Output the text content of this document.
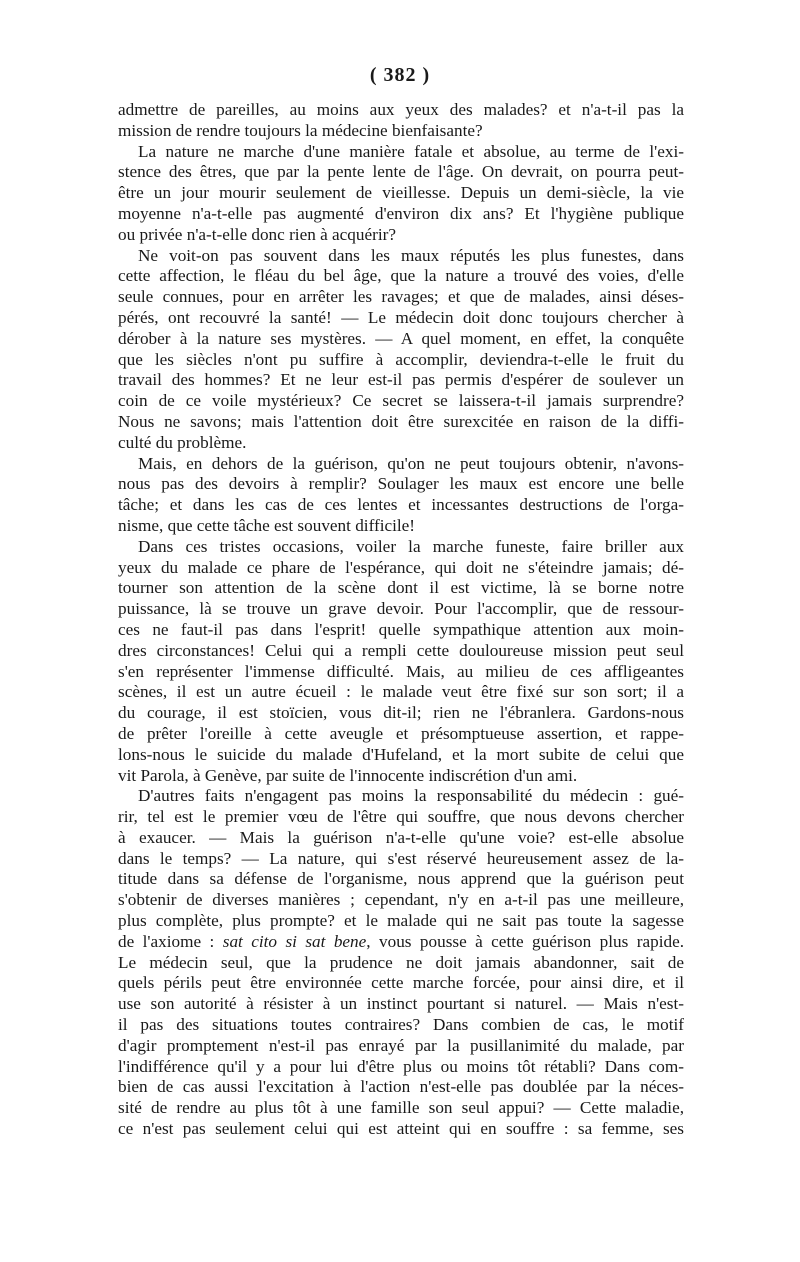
( 382 )
admettre de pareilles, au moins aux yeux des malades? et n'a-t-il pas la
mission de rendre toujours la médecine bienfaisante?
La nature ne marche d'une manière fatale et absolue, au terme de l'exi-
stence des êtres, que par la pente lente de l'âge. On devrait, on pourra peut-
être un jour mourir seulement de vieillesse. Depuis un demi-siècle, la vie
moyenne n'a-t-elle pas augmenté d'environ dix ans? Et l'hygiène publique
ou privée n'a-t-elle donc rien à acquérir?
Ne voit-on pas souvent dans les maux réputés les plus funestes, dans
cette affection, le fléau du bel âge, que la nature a trouvé des voies, d'elle
seule connues, pour en arrêter les ravages; et que de malades, ainsi déses-
pérés, ont recouvré la santé! — Le médecin doit donc toujours chercher à
dérober à la nature ses mystères. — A quel moment, en effet, la conquête
que les siècles n'ont pu suffire à accomplir, deviendra-t-elle le fruit du
travail des hommes? Et ne leur est-il pas permis d'espérer de soulever un
coin de ce voile mystérieux? Ce secret se laissera-t-il jamais surprendre?
Nous ne savons; mais l'attention doit être surexcitée en raison de la diffi-
culté du problème.
Mais, en dehors de la guérison, qu'on ne peut toujours obtenir, n'avons-
nous pas des devoirs à remplir? Soulager les maux est encore une belle
tâche; et dans les cas de ces lentes et incessantes destructions de l'orga-
nisme, que cette tâche est souvent difficile!
Dans ces tristes occasions, voiler la marche funeste, faire briller aux
yeux du malade ce phare de l'espérance, qui doit ne s'éteindre jamais; dé-
tourner son attention de la scène dont il est victime, là se borne notre
puissance, là se trouve un grave devoir. Pour l'accomplir, que de ressour-
ces ne faut-il pas dans l'esprit! quelle sympathique attention aux moin-
dres circonstances! Celui qui a rempli cette douloureuse mission peut seul
s'en représenter l'immense difficulté. Mais, au milieu de ces affligeantes
scènes, il est un autre écueil : le malade veut être fixé sur son sort; il a
du courage, il est stoïcien, vous dit-il; rien ne l'ébranlera. Gardons-nous
de prêter l'oreille à cette aveugle et présomptueuse assertion, et rappe-
lons-nous le suicide du malade d'Hufeland, et la mort subite de celui que
vit Parola, à Genève, par suite de l'innocente indiscrétion d'un ami.
D'autres faits n'engagent pas moins la responsabilité du médecin : gué-
rir, tel est le premier vœu de l'être qui souffre, que nous devons chercher
à exaucer. — Mais la guérison n'a-t-elle qu'une voie? est-elle absolue
dans le temps? — La nature, qui s'est réservé heureusement assez de la-
titude dans sa défense de l'organisme, nous apprend que la guérison peut
s'obtenir de diverses manières ; cependant, n'y en a-t-il pas une meilleure,
plus complète, plus prompte? et le malade qui ne sait pas toute la sagesse
de l'axiome : sat cito si sat bene, vous pousse à cette guérison plus rapide.
Le médecin seul, que la prudence ne doit jamais abandonner, sait de
quels périls peut être environnée cette marche forcée, pour ainsi dire, et il
use son autorité à résister à un instinct pourtant si naturel. — Mais n'est-
il pas des situations toutes contraires? Dans combien de cas, le motif
d'agir promptement n'est-il pas enrayé par la pusillanimité du malade, par
l'indifférence qu'il y a pour lui d'être plus ou moins tôt rétabli? Dans com-
bien de cas aussi l'excitation à l'action n'est-elle pas doublée par la néces-
sité de rendre au plus tôt à une famille son seul appui? — Cette maladie,
ce n'est pas seulement celui qui est atteint qui en souffre : sa femme, ses
